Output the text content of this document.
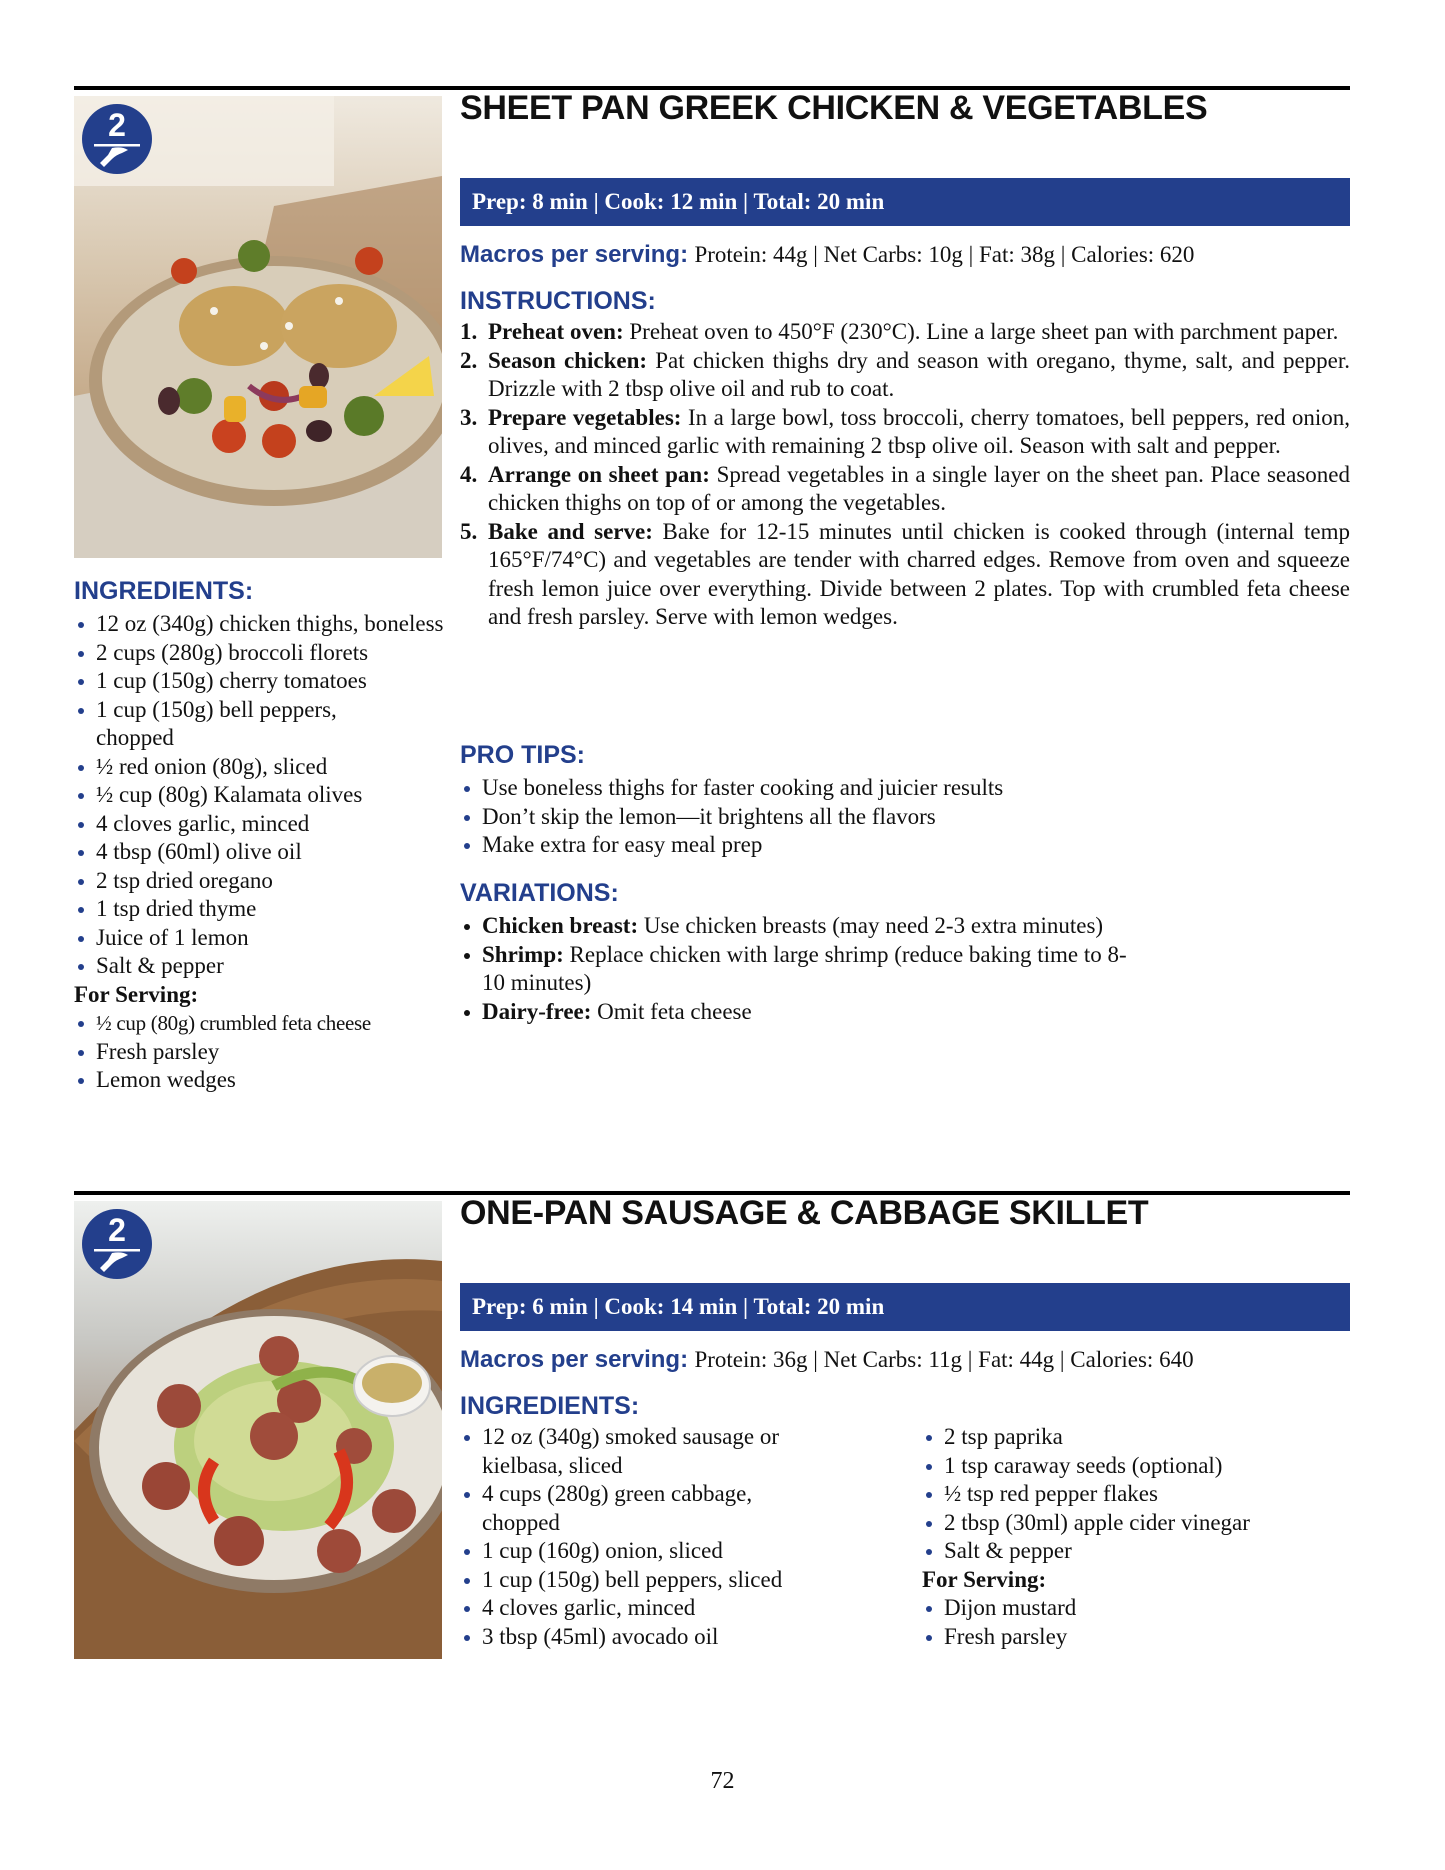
2	SHEET PAN GREEK CHICKEN & VEGETABLES
Prep: 8 min | Cook: 12 min | Total: 20 min
Macros per serving: Protein: 44g | Net Carbs: 10g | Fat: 38g | Calories: 620
INGREDIENTS:
12 oz (340g) chicken thighs, boneless
2 cups (280g) broccoli florets
1 cup (150g) cherry tomatoes
1 cup (150g) bell peppers, chopped
½ red onion (80g), sliced
½ cup (80g) Kalamata olives
4 cloves garlic, minced
4 tbsp (60ml) olive oil
2 tsp dried oregano
1 tsp dried thyme
Juice of 1 lemon
Salt & pepper
For Serving:
½ cup (80g) crumbled feta cheese
Fresh parsley
Lemon wedges
INSTRUCTIONS:
1. Preheat oven: Preheat oven to 450°F (230°C). Line a large sheet pan with parchment paper.
2. Season chicken: Pat chicken thighs dry and season with oregano, thyme, salt, and pepper. Drizzle with 2 tbsp olive oil and rub to coat.
3. Prepare vegetables: In a large bowl, toss broccoli, cherry tomatoes, bell peppers, red onion, olives, and minced garlic with remaining 2 tbsp olive oil. Season with salt and pepper.
4. Arrange on sheet pan: Spread vegetables in a single layer on the sheet pan. Place seasoned chicken thighs on top of or among the vegetables.
5. Bake and serve: Bake for 12-15 minutes until chicken is cooked through (internal temp 165°F/74°C) and vegetables are tender with charred edges. Remove from oven and squeeze fresh lemon juice over everything. Divide between 2 plates. Top with crumbled feta cheese and fresh parsley. Serve with lemon wedges.
PRO TIPS:
Use boneless thighs for faster cooking and juicier results
Don’t skip the lemon—it brightens all the flavors
Make extra for easy meal prep
VARIATIONS:
Chicken breast: Use chicken breasts (may need 2-3 extra minutes)
Shrimp: Replace chicken with large shrimp (reduce baking time to 8-10 minutes)
Dairy-free: Omit feta cheese
2	ONE-PAN SAUSAGE & CABBAGE SKILLET
Prep: 6 min | Cook: 14 min | Total: 20 min
Macros per serving: Protein: 36g | Net Carbs: 11g | Fat: 44g | Calories: 640
INGREDIENTS:
12 oz (340g) smoked sausage or kielbasa, sliced
4 cups (280g) green cabbage, chopped
1 cup (160g) onion, sliced
1 cup (150g) bell peppers, sliced
4 cloves garlic, minced
3 tbsp (45ml) avocado oil
2 tsp paprika
1 tsp caraway seeds (optional)
½ tsp red pepper flakes
2 tbsp (30ml) apple cider vinegar
Salt & pepper
For Serving:
Dijon mustard
Fresh parsley
72
